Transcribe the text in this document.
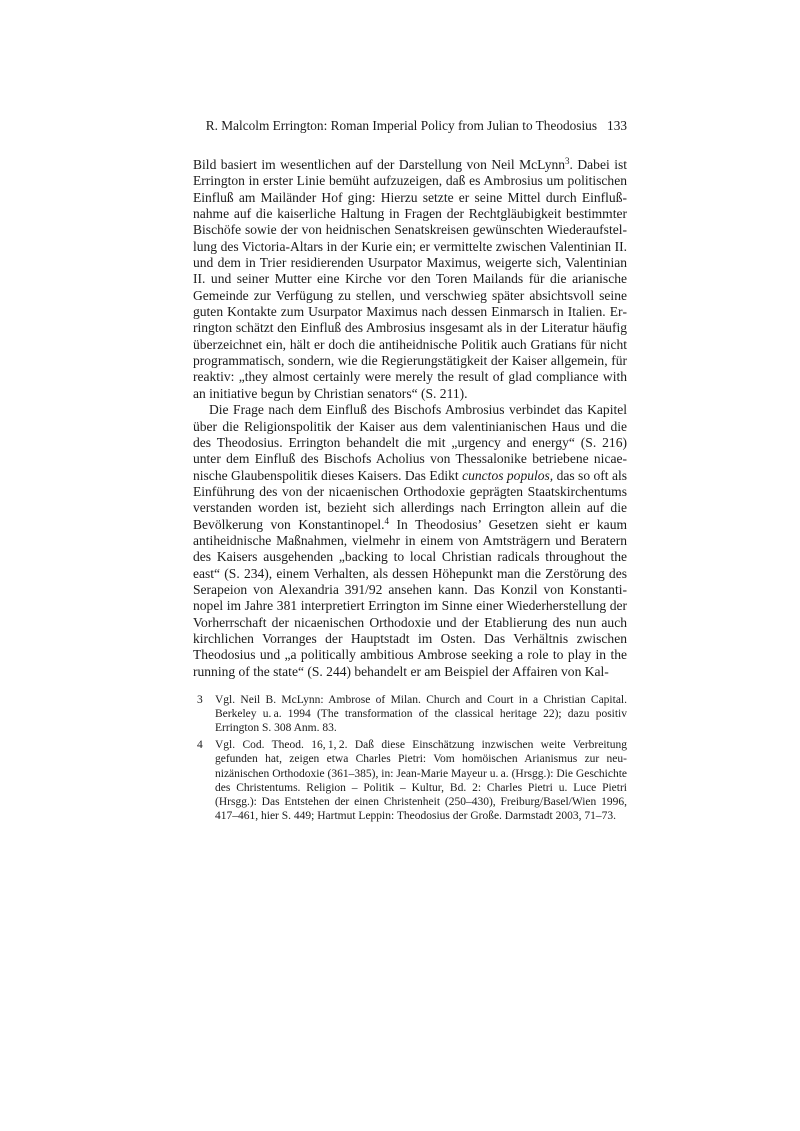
R. Malcolm Errington: Roman Imperial Policy from Julian to Theodosius 133

Bild basiert im wesentlichen auf der Darstellung von Neil McLynn$^3$. Dabei ist Errington in erster Linie bemüht aufzuzeigen, daß es Ambrosius um politischen Einfluß am Mailänder Hof ging: Hierzu setzte er seine Mittel durch Einflußnahme auf die kaiserliche Haltung in Fragen der Rechtgläubigkeit bestimmter Bischöfe sowie der von heidnischen Senatskreisen gewünschten Wiederaufstellung des Victoria-Altars in der Kurie ein; er vermittelte zwischen Valentinian II. und dem in Trier residierenden Usurpator Maximus, weigerte sich, Valentinian II. und seiner Mutter eine Kirche vor den Toren Mailands für die arianische Gemeinde zur Verfügung zu stellen, und verschwieg später absichtsvoll seine guten Kontakte zum Usurpator Maximus nach dessen Einmarsch in Italien. Errington schätzt den Einfluß des Ambrosius insgesamt als in der Literatur häufig überzeichnet ein, hält er doch die antiheidnische Politik auch Gratians für nicht programmatisch, sondern, wie die Regierungstätigkeit der Kaiser allgemein, für reaktiv: „they almost certainly were merely the result of glad compliance with an initiative begun by Christian senators“ (S. 211).

Die Frage nach dem Einfluß des Bischofs Ambrosius verbindet das Kapitel über die Religionspolitik der Kaiser aus dem valentinianischen Haus und die des Theodosius. Errington behandelt die mit „urgency and energy“ (S. 216) unter dem Einfluß des Bischofs Acholius von Thessalonike betriebene nicaenische Glaubenspolitik dieses Kaisers. Das Edikt cunctos populos, das so oft als Einführung des von der nicaenischen Orthodoxie geprägten Staatskirchentums verstanden worden ist, bezieht sich allerdings nach Errington allein auf die Bevölkerung von Konstantinopel.$^4$ In Theodosius’ Gesetzen sieht er kaum antiheidnische Maßnahmen, vielmehr in einem von Amtsträgern und Beratern des Kaisers ausgehenden „backing to local Christian radicals throughout the east“ (S. 234), einem Verhalten, als dessen Höhepunkt man die Zerstörung des Serapeion von Alexandria 391/92 ansehen kann. Das Konzil von Konstantinopel im Jahre 381 interpretiert Errington im Sinne einer Wiederherstellung der Vorherrschaft der nicaenischen Orthodoxie und der Etablierung des nun auch kirchlichen Vorranges der Hauptstadt im Osten. Das Verhältnis zwischen Theodosius und „a politically ambitious Ambrose seeking a role to play in the running of the state“ (S. 244) behandelt er am Beispiel der Affairen von Kal-

3 Vgl. Neil B. McLynn: Ambrose of Milan. Church and Court in a Christian Capital. Berkeley u. a. 1994 (The transformation of the classical heritage 22); dazu positiv Errington S. 308 Anm. 83.
4 Vgl. Cod. Theod. 16, 1, 2. Daß diese Einschätzung inzwischen weite Verbreitung gefunden hat, zeigen etwa Charles Pietri: Vom homöischen Arianismus zur neunizänischen Orthodoxie (361–385), in: Jean-Marie Mayeur u. a. (Hrsgg.): Die Geschichte des Christentums. Religion – Politik – Kultur, Bd. 2: Charles Pietri u. Luce Pietri (Hrsgg.): Das Entstehen der einen Christenheit (250–430), Freiburg/Basel/Wien 1996, 417–461, hier S. 449; Hartmut Leppin: Theodosius der Große. Darmstadt 2003, 71–73.
